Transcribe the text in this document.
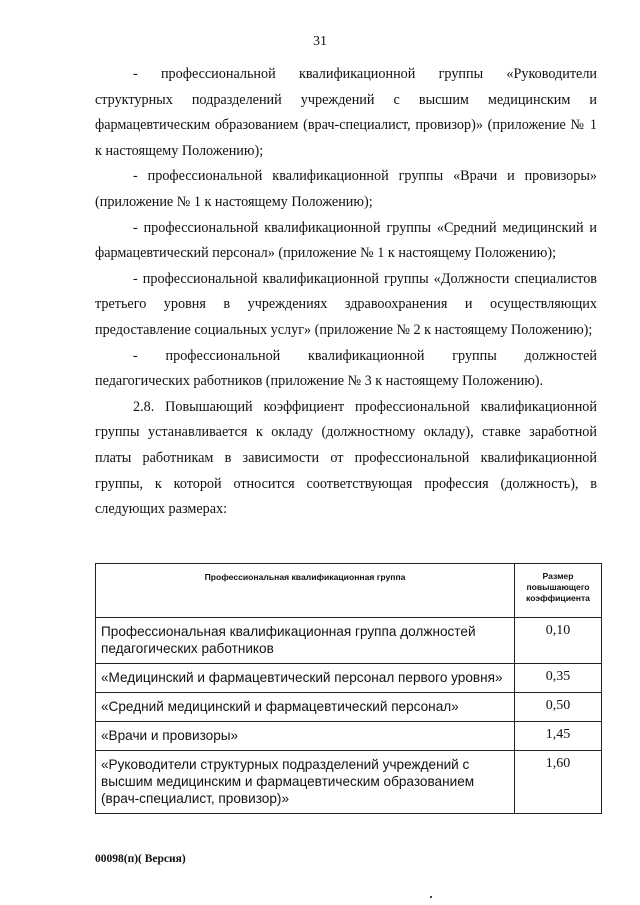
31

- профессиональной квалификационной группы «Руководители структурных подразделений учреждений с высшим медицинским и фармацевтическим образованием (врач-специалист, провизор)» (приложение № 1 к настоящему Положению);

- профессиональной квалификационной группы «Врачи и провизоры» (приложение № 1 к настоящему Положению);

- профессиональной квалификационной группы «Средний медицинский и фармацевтический персонал» (приложение № 1 к настоящему Положению);

- профессиональной квалификационной группы «Должности специалистов третьего уровня в учреждениях здравоохранения и осуществляющих предоставление социальных услуг» (приложение № 2 к настоящему Положению);

- профессиональной квалификационной группы должностей педагогических работников (приложение № 3 к настоящему Положению).

2.8. Повышающий коэффициент профессиональной квалификационной группы устанавливается к окладу (должностному окладу), ставке заработной платы работникам в зависимости от профессиональной квалификационной группы, к которой относится соответствующая профессия (должность), в следующих размерах:

Профессиональная квалификационная группа	Размер повышающего коэффициента
Профессиональная квалификационная группа должностей педагогических работников	0,10
«Медицинский и фармацевтический персонал первого уровня»	0,35
«Средний медицинский и фармацевтический персонал»	0,50
«Врачи и провизоры»	1,45
«Руководители структурных подразделений учреждений с высшим медицинским и фармацевтическим образованием (врач-специалист, провизор)»	1,60
00098(п)( Версия)
